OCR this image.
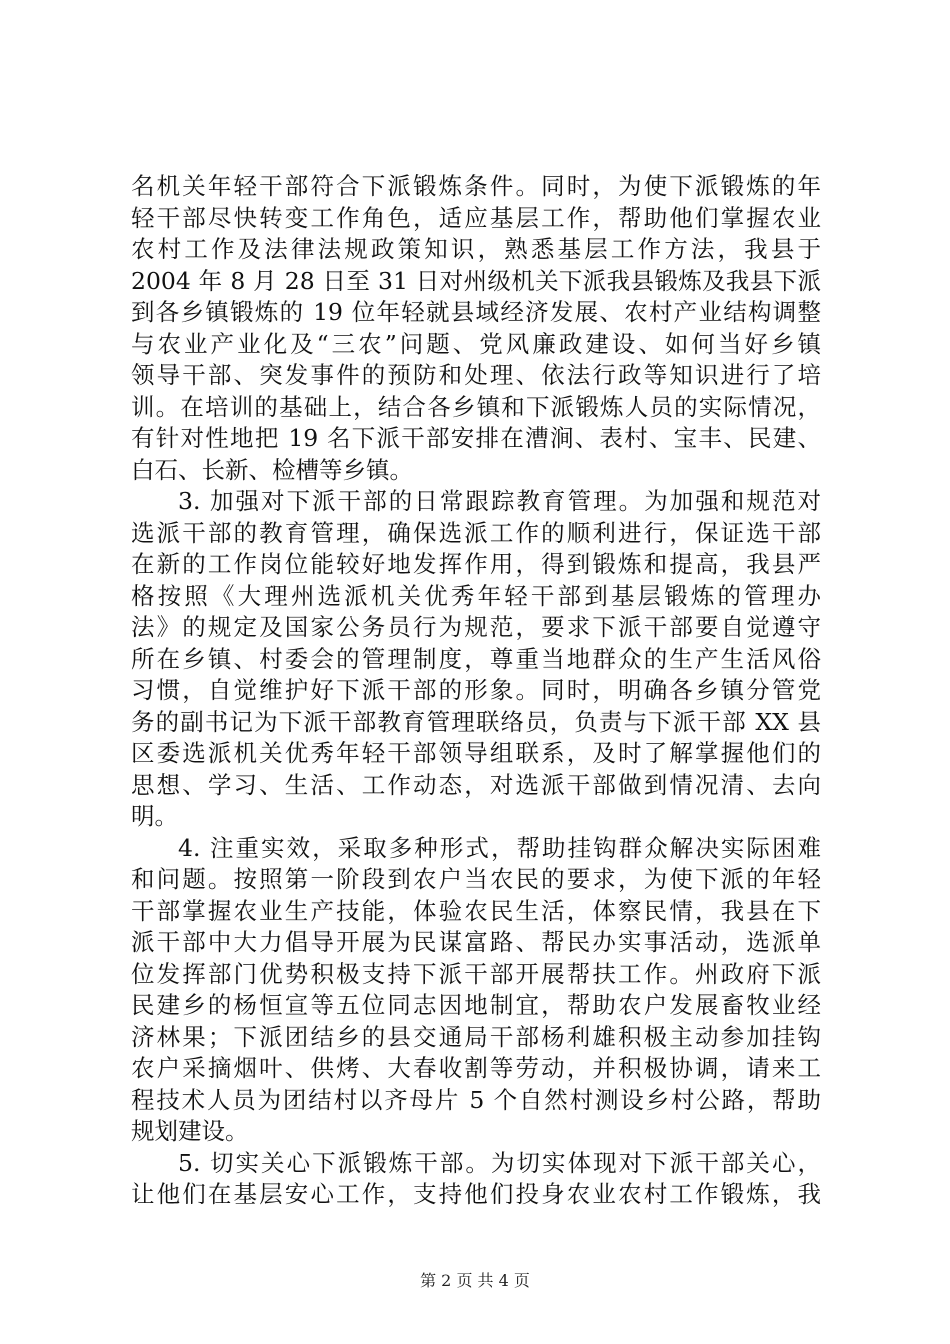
名机关年轻干部符合下派锻炼条件。同时，为使下派锻炼的年
轻干部尽快转变工作角色，适应基层工作，帮助他们掌握农业
农村工作及法律法规政策知识，熟悉基层工作方法，我县于
2004 年 8 月 28 日至 31 日对州级机关下派我县锻炼及我县下派
到各乡镇锻炼的 19 位年轻就县域经济发展、农村产业结构调整
与农业产业化及“三农”问题、党风廉政建设、如何当好乡镇
领导干部、突发事件的预防和处理、依法行政等知识进行了培
训。在培训的基础上，结合各乡镇和下派锻炼人员的实际情况，
有针对性地把 19 名下派干部安排在漕涧、表村、宝丰、民建、
白石、长新、检槽等乡镇。
3. 加强对下派干部的日常跟踪教育管理。为加强和规范对
选派干部的教育管理，确保选派工作的顺利进行，保证选干部
在新的工作岗位能较好地发挥作用，得到锻炼和提高，我县严
格按照《大理州选派机关优秀年轻干部到基层锻炼的管理办
法》的规定及国家公务员行为规范，要求下派干部要自觉遵守
所在乡镇、村委会的管理制度，尊重当地群众的生产生活风俗
习惯，自觉维护好下派干部的形象。同时，明确各乡镇分管党
务的副书记为下派干部教育管理联络员，负责与下派干部 XX 县
区委选派机关优秀年轻干部领导组联系，及时了解掌握他们的
思想、学习、生活、工作动态，对选派干部做到情况清、去向
明。
4. 注重实效，采取多种形式，帮助挂钩群众解决实际困难
和问题。按照第一阶段到农户当农民的要求，为使下派的年轻
干部掌握农业生产技能，体验农民生活，体察民情，我县在下
派干部中大力倡导开展为民谋富路、帮民办实事活动，选派单
位发挥部门优势积极支持下派干部开展帮扶工作。州政府下派
民建乡的杨恒宣等五位同志因地制宜，帮助农户发展畜牧业经
济林果；下派团结乡的县交通局干部杨利雄积极主动参加挂钩
农户采摘烟叶、供烤、大春收割等劳动，并积极协调，请来工
程技术人员为团结村以齐母片 5 个自然村测设乡村公路，帮助
规划建设。
5. 切实关心下派锻炼干部。为切实体现对下派干部关心，
让他们在基层安心工作，支持他们投身农业农村工作锻炼，我
第 2 页 共 4 页
